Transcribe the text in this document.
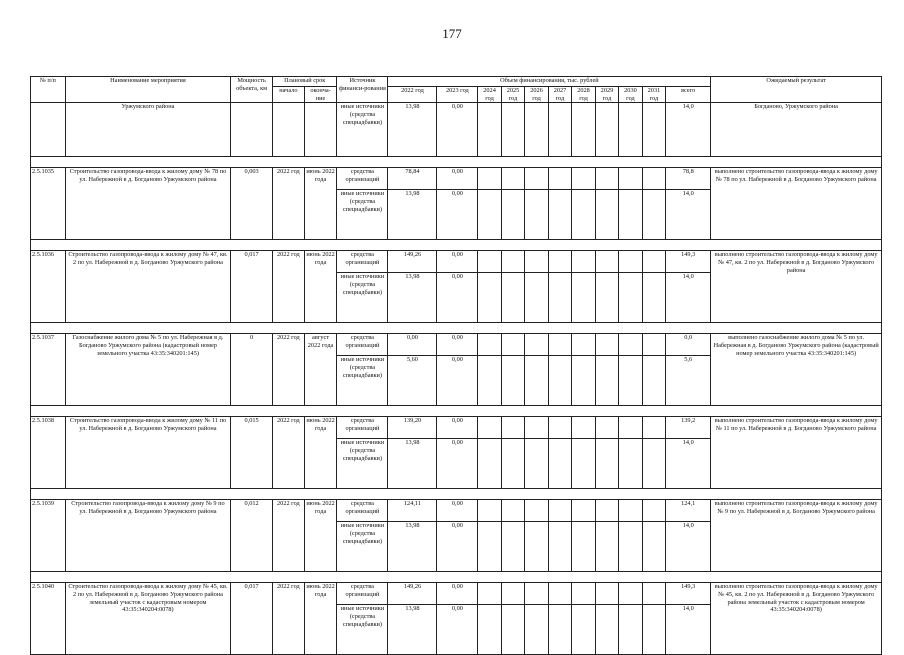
177
№ п/п	Наименование мероприятия	Мощность объекта, км	Плановый срок		Источник финанси-рования	Объем финансирования, тыс. рублей											Ожидаемый результат
			начало	оконча-ние		2022 год	2023 год	2024 год	2025 год	2026 год	2027 год	2028 год	2029 год	2030 год	2031 год	всего	
	Уржумского района				иные источники (средства спецнадбавки)	13,98	0,00									14,0	Богданово, Уржумского района

2.5.1035	Строительство газопровода-ввода к жилому дому № 78 по ул. Набережной в д. Богданово Уржумского района	0,003	2022 год	июнь 2022 года	средства организаций	78,84	0,00									78,8	выполнено строительство газопровода-ввода к жилому дому № 78 по ул. Набережной в д. Богданово Уржумского района
					иные источники (средства спецнадбавки)	13,98	0,00									14,0	

2.5.1036	Строительство газопровода-ввода к жилому дому № 47, кв. 2 по ул. Набережной в д. Богданово Уржумского района	0,017	2022 год	июнь 2022 года	средства организаций	149,26	0,00									149,3	выполнено строительство газопровода-ввода к жилому дому № 47, кв. 2 по ул. Набережной в д. Богданово Уржумского района
					иные источники (средства спецнадбавки)	13,98	0,00									14,0	

2.5.1037	Газоснабжение жилого дома № 5 по ул. Набережная в д. Богданово Уржумского района (кадастровый номер земельного участка 43:35:340201:145)	0	2022 год	август 2022 года	средства организаций	0,00	0,00									0,0	выполнено газоснабжение жилого дома № 5 по ул. Набережная в д. Богданово Уржумского района (кадастровый номер земельного участка 43:35:340201:145)
					иные источники (средства спецнадбавки)	5,60	0,00									5,6	

2.5.1038	Строительство газопровода-ввода к жилому дому № 11 по ул. Набережной в д. Богданово Уржумского района	0,015	2022 год	июнь 2022 года	средства организаций	139,20	0,00									139,2	выполнено строительство газопровода-ввода к жилому дому № 11 по ул. Набережной в д. Богданово Уржумского района
					иные источники (средства спецнадбавки)	13,98	0,00									14,0	

2.5.1039	Строительство газопровода-ввода к жилому дому № 9 по ул. Набережной в д. Богданово Уржумского района	0,012	2022 год	июнь 2022 года	средства организаций	124,11	0,00									124,1	выполнено строительство газопровода-ввода к жилому дому № 9 по ул. Набережной в д. Богданово Уржумского района
					иные источники (средства спецнадбавки)	13,98	0,00									14,0	

2.5.1040	Строительство газопровода-ввода к жилому дому № 45, кв. 2 по ул. Набережной в д. Богданово Уржумского района земельный участок с кадастровым номером 43:35:340204:0078)	0,017	2022 год	июнь 2022 года	средства организаций	149,26	0,00									149,3	выполнено строительство газопровода-ввода к жилому дому № 45, кв. 2 по ул. Набережной в д. Богданово Уржумского района земельный участок с кадастровым номером 43:35:340204:0078)
					иные источники (средства спецнадбавки)	13,98	0,00									14,0	
